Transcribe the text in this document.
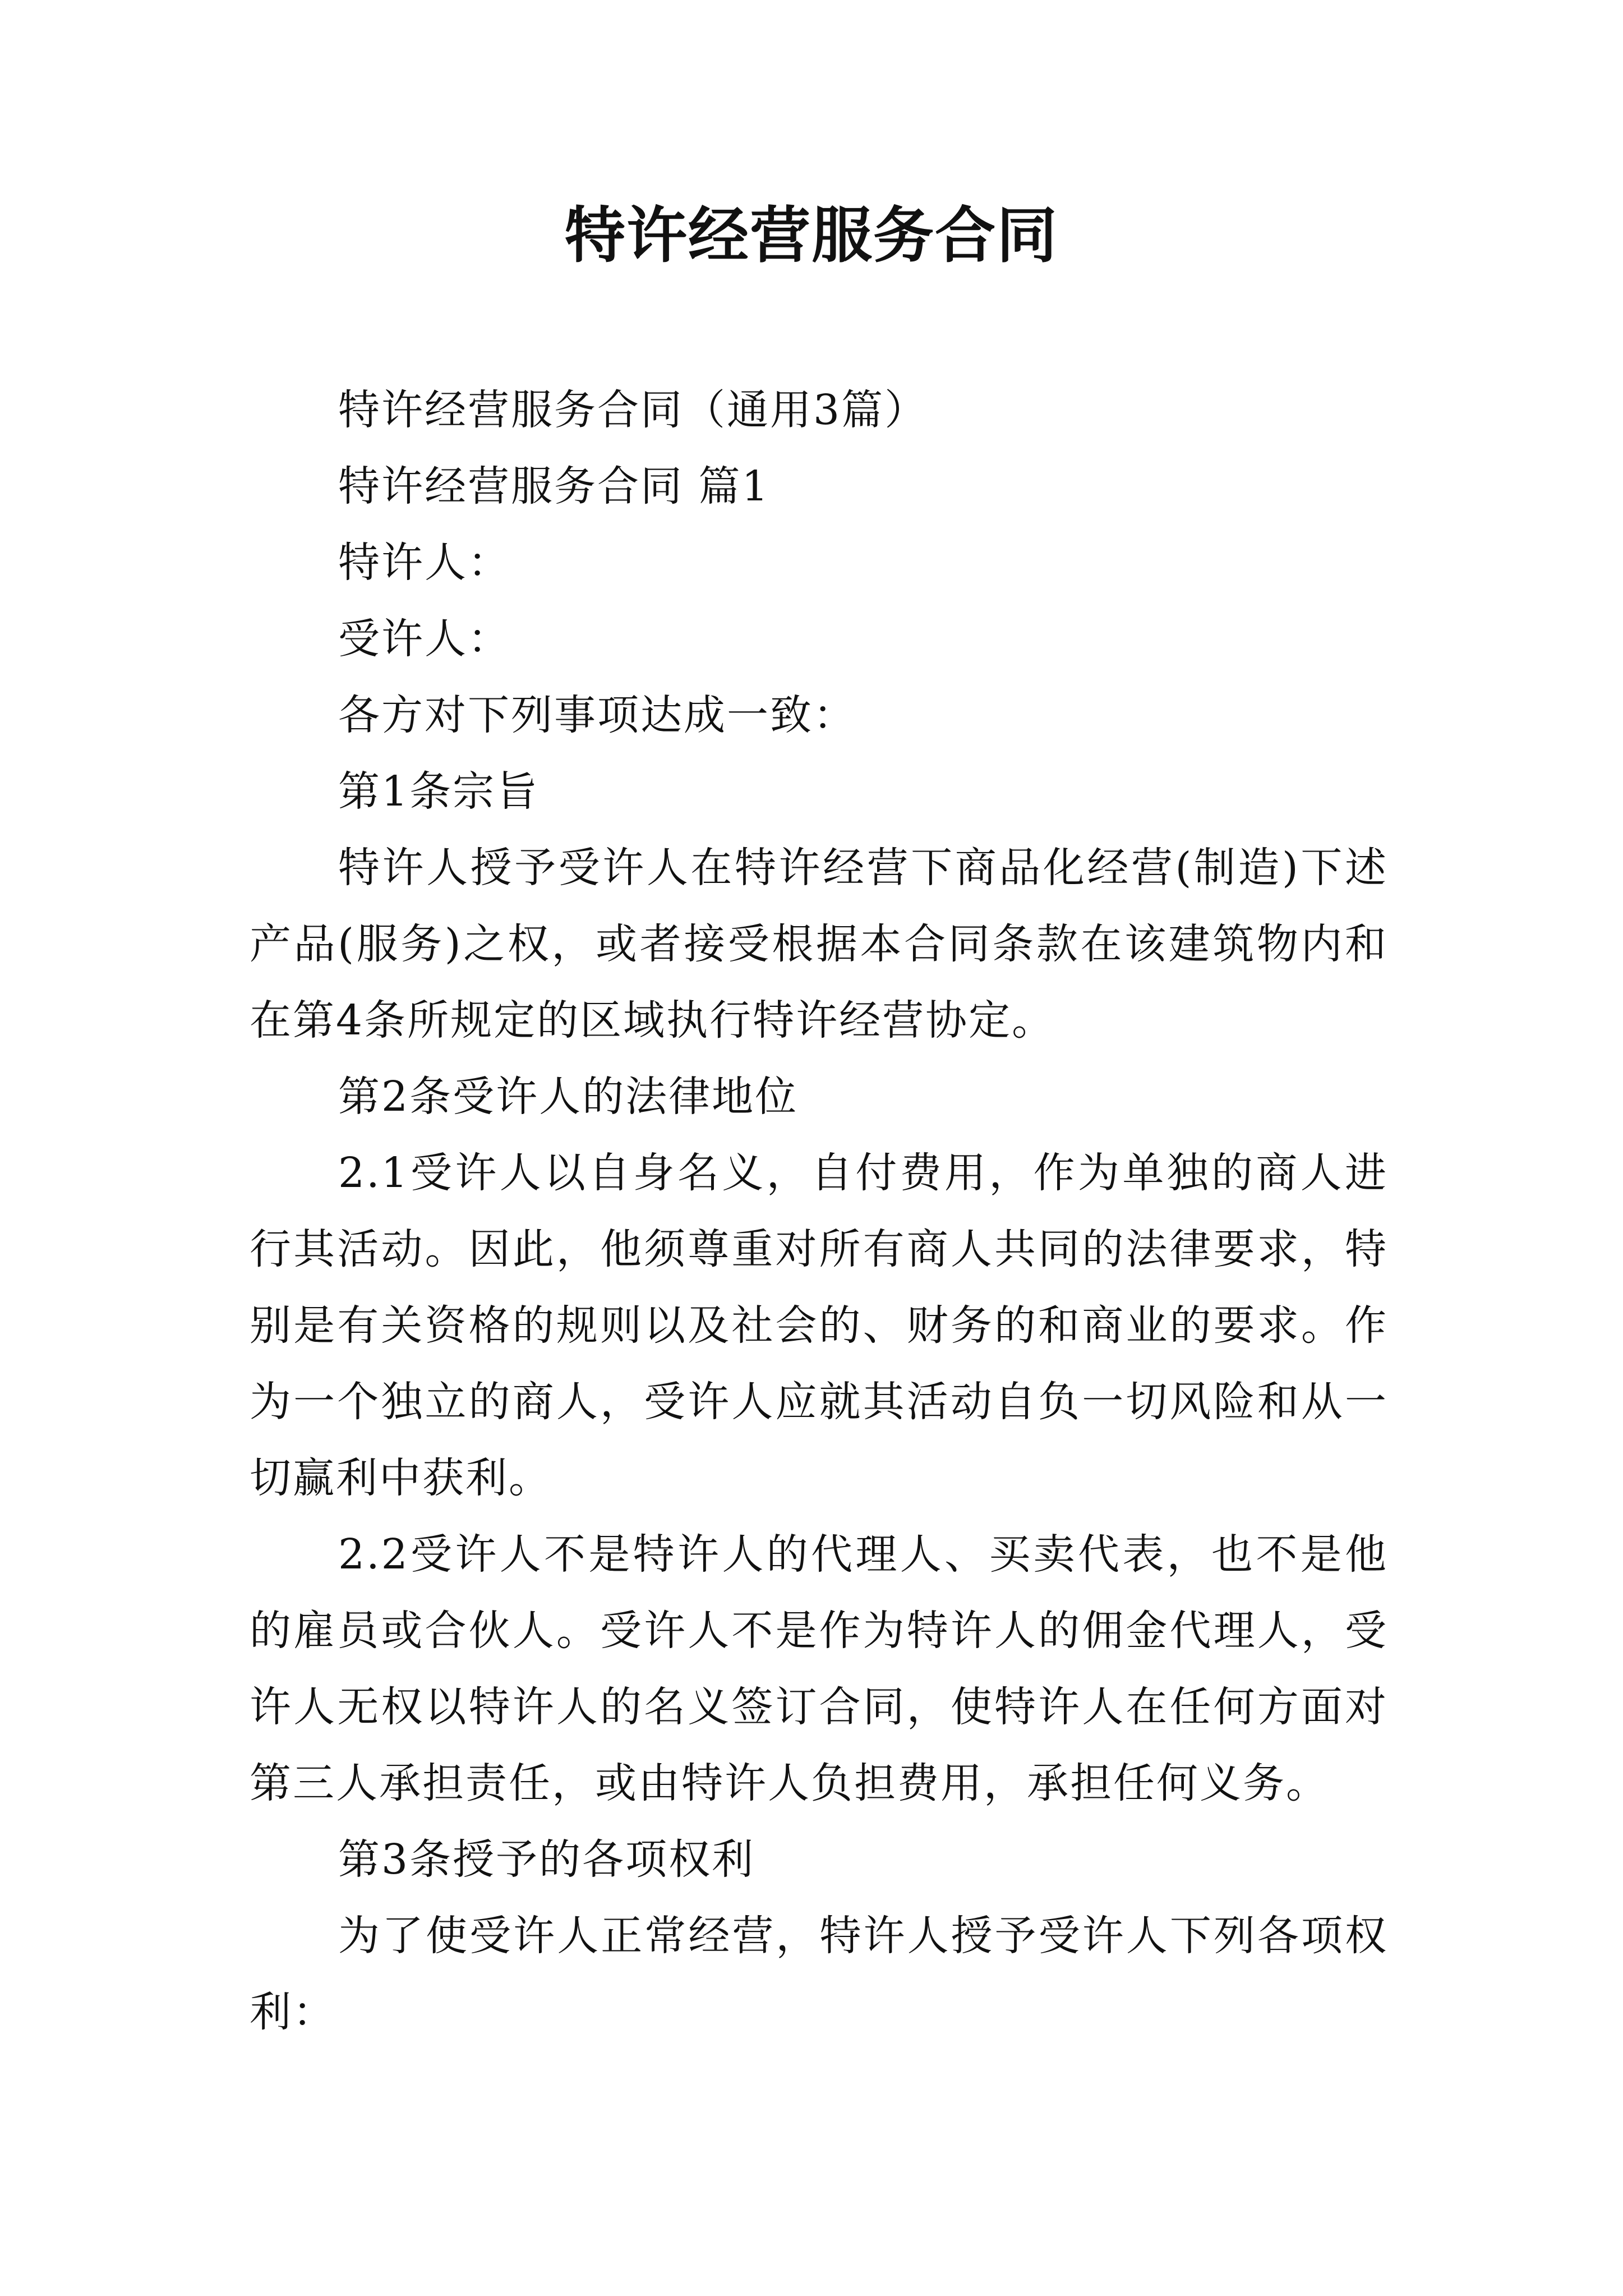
特许经营服务合同

特许经营服务合同（通用3篇）

特许经营服务合同 篇1

特许人：

受许人：

各方对下列事项达成一致：

第1条宗旨

特许人授予受许人在特许经营下商品化经营(制造)下述产品(服务)之权，或者接受根据本合同条款在该建筑物内和在第4条所规定的区域执行特许经营协定。

第2条受许人的法律地位

2.1受许人以自身名义，自付费用，作为单独的商人进行其活动。因此，他须尊重对所有商人共同的法律要求，特别是有关资格的规则以及社会的、财务的和商业的要求。作为一个独立的商人，受许人应就其活动自负一切风险和从一切赢利中获利。

2.2受许人不是特许人的代理人、买卖代表，也不是他的雇员或合伙人。受许人不是作为特许人的佣金代理人，受许人无权以特许人的名义签订合同，使特许人在任何方面对第三人承担责任，或由特许人负担费用，承担任何义务。

第3条授予的各项权利

为了使受许人正常经营，特许人授予受许人下列各项权利：
